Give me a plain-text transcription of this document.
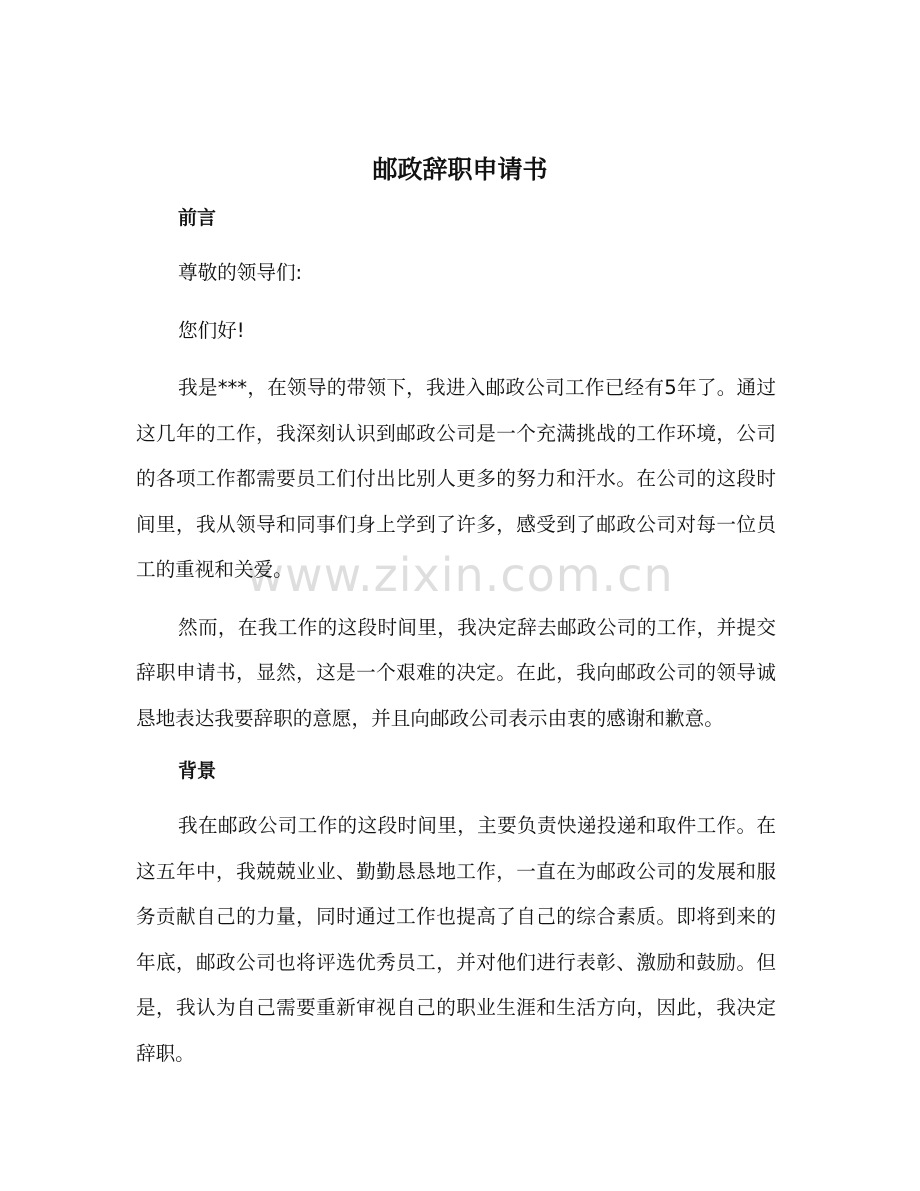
邮政辞职申请书
前言

尊敬的领导们:

您们好!

我是***，在领导的带领下，我进入邮政公司工作已经有5年了。通过这几年的工作，我深刻认识到邮政公司是一个充满挑战的工作环境，公司的各项工作都需要员工们付出比别人更多的努力和汗水。在公司的这段时间里，我从领导和同事们身上学到了许多，感受到了邮政公司对每一位员工的重视和关爱。

然而，在我工作的这段时间里，我决定辞去邮政公司的工作，并提交辞职申请书，显然，这是一个艰难的决定。在此，我向邮政公司的领导诚恳地表达我要辞职的意愿，并且向邮政公司表示由衷的感谢和歉意。

背景

我在邮政公司工作的这段时间里，主要负责快递投递和取件工作。在这五年中，我兢兢业业、勤勤恳恳地工作，一直在为邮政公司的发展和服务贡献自己的力量，同时通过工作也提高了自己的综合素质。即将到来的年底，邮政公司也将评选优秀员工，并对他们进行表彰、激励和鼓励。但是，我认为自己需要重新审视自己的职业生涯和生活方向，因此，我决定辞职。

www.zixin.com.cn
